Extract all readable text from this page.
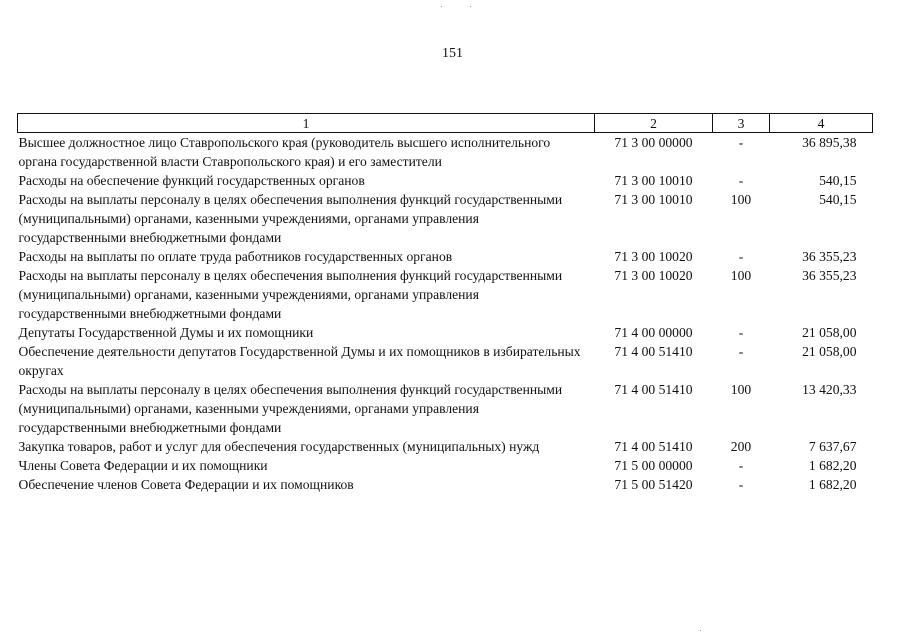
151
1	2	3	4
Высшее должностное лицо Ставропольского края (руководитель высшего исполнительного органа государственной власти Ставропольского края) и его заместители	71 3 00 00000	-	36 895,38
Расходы на обеспечение функций государственных органов	71 3 00 10010	-	540,15
Расходы на выплаты персоналу в целях обеспечения выполнения функций государственными (муниципальными) органами, казенными учреждениями, органами управления государственными внебюджетными фондами	71 3 00 10010	100	540,15
Расходы на выплаты по оплате труда работников государственных органов	71 3 00 10020	-	36 355,23
Расходы на выплаты персоналу в целях обеспечения выполнения функций государственными (муниципальными) органами, казенными учреждениями, органами управления государственными внебюджетными фондами	71 3 00 10020	100	36 355,23
Депутаты Государственной Думы и их помощники	71 4 00 00000	-	21 058,00
Обеспечение деятельности депутатов Государственной Думы и их помощников в избирательных округах	71 4 00 51410	-	21 058,00
Расходы на выплаты персоналу в целях обеспечения выполнения функций государственными (муниципальными) органами, казенными учреждениями, органами управления государственными внебюджетными фондами	71 4 00 51410	100	13 420,33
Закупка товаров, работ и услуг для обеспечения государственных (муниципальных) нужд	71 4 00 51410	200	7 637,67
Члены Совета Федерации и их помощники	71 5 00 00000	-	1 682,20
Обеспечение членов Совета Федерации и их помощников	71 5 00 51420	-	1 682,20
